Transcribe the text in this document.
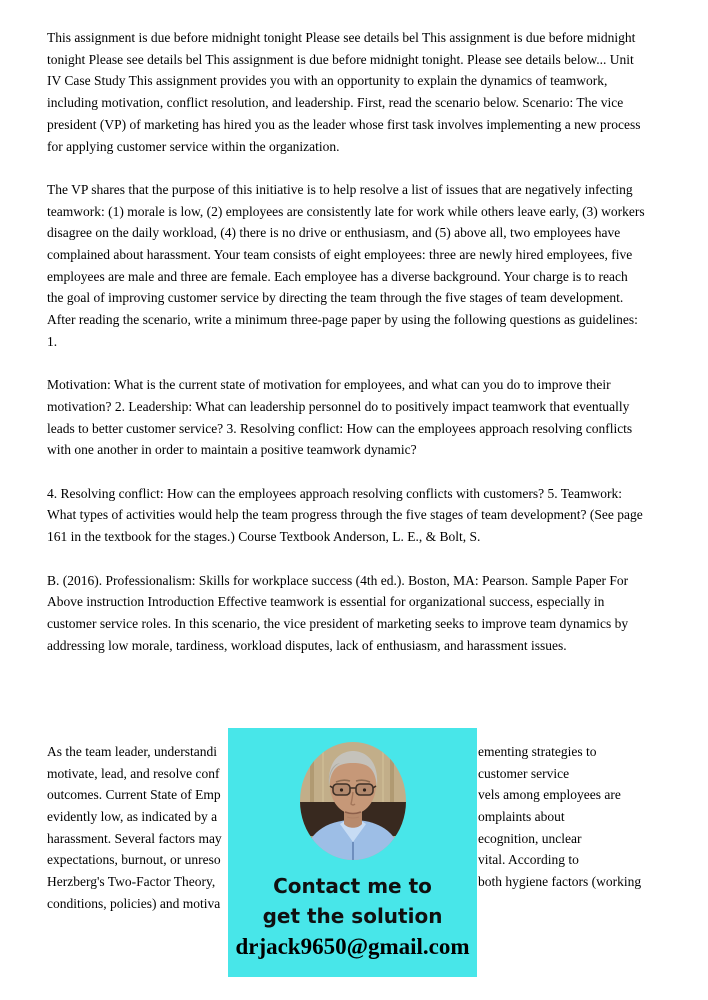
This assignment is due before midnight tonight Please see details bel This assignment is due before midnight tonight Please see details bel This assignment is due before midnight tonight. Please see details below... Unit IV Case Study This assignment provides you with an opportunity to explain the dynamics of teamwork, including motivation, conflict resolution, and leadership. First, read the scenario below. Scenario: The vice president (VP) of marketing has hired you as the leader whose first task involves implementing a new process for applying customer service within the organization.

The VP shares that the purpose of this initiative is to help resolve a list of issues that are negatively infecting teamwork: (1) morale is low, (2) employees are consistently late for work while others leave early, (3) workers disagree on the daily workload, (4) there is no drive or enthusiasm, and (5) above all, two employees have complained about harassment. Your team consists of eight employees: three are newly hired employees, five employees are male and three are female. Each employee has a diverse background. Your charge is to reach the goal of improving customer service by directing the team through the five stages of team development. After reading the scenario, write a minimum three-page paper by using the following questions as guidelines: 1.

Motivation: What is the current state of motivation for employees, and what can you do to improve their motivation? 2. Leadership: What can leadership personnel do to positively impact teamwork that eventually leads to better customer service? 3. Resolving conflict: How can the employees approach resolving conflicts with one another in order to maintain a positive teamwork dynamic?

4. Resolving conflict: How can the employees approach resolving conflicts with customers? 5. Teamwork: What types of activities would help the team progress through the five stages of team development? (See page 161 in the textbook for the stages.) Course Textbook Anderson, L. E., & Bolt, S.

B. (2016). Professionalism: Skills for workplace success (4th ed.). Boston, MA: Pearson. Sample Paper For Above instruction Introduction Effective teamwork is essential for organizational success, especially in customer service roles. In this scenario, the vice president of marketing seeks to improve team dynamics by addressing low morale, tardiness, workload disputes, lack of enthusiasm, and harassment issues.

As the team leader, understandi	ementing strategies to
motivate, lead, and resolve conf	customer service
outcomes. Current State of Emp	vels among employees are
evidently low, as indicated by a	omplaints about
harassment. Several factors may	ecognition, unclear
expectations, burnout, or unreso	vital. According to
Herzberg's Two-Factor Theory,	both hygiene factors (working
conditions, policies) and motiva
Contact me to
get the solution
drjack9650@gmail.com
